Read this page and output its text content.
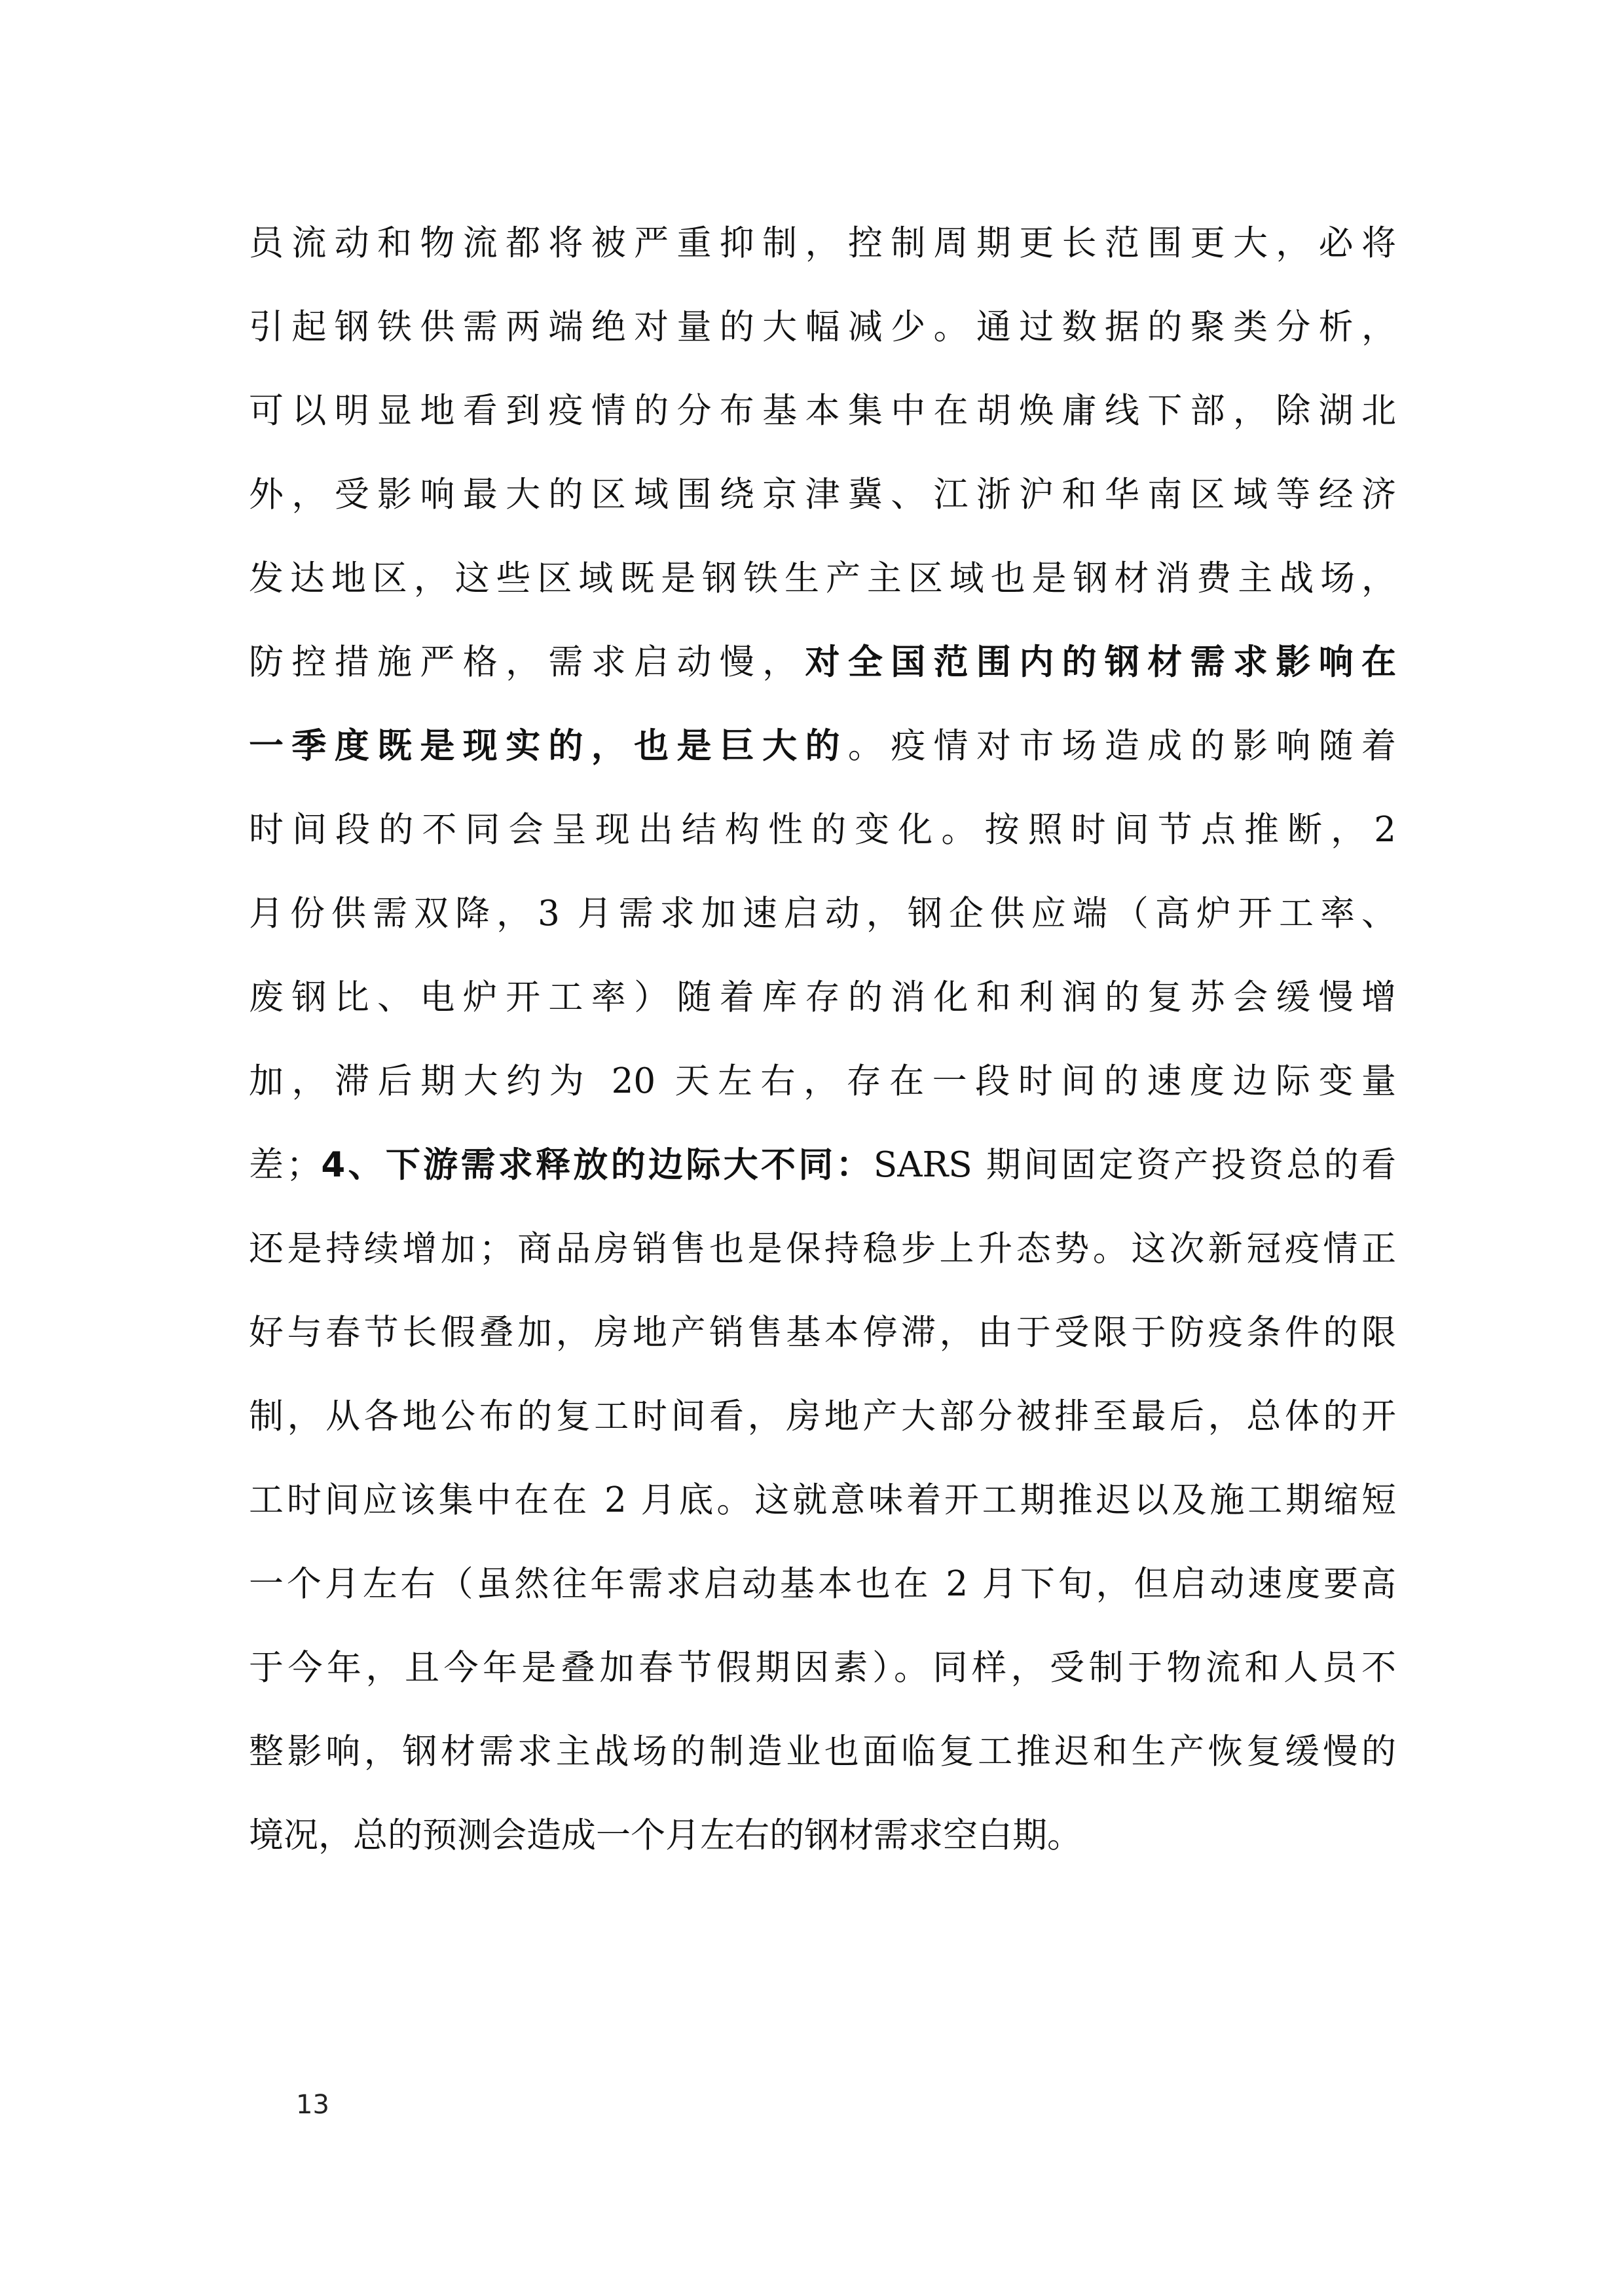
员流动和物流都将被严重抑制，控制周期更长范围更大，必将
引起钢铁供需两端绝对量的大幅减少。通过数据的聚类分析，
可以明显地看到疫情的分布基本集中在胡焕庸线下部，除湖北
外，受影响最大的区域围绕京津冀、江浙沪和华南区域等经济
发达地区，这些区域既是钢铁生产主区域也是钢材消费主战场，
防控措施严格，需求启动慢，对全国范围内的钢材需求影响在
一季度既是现实的，也是巨大的。疫情对市场造成的影响随着
时间段的不同会呈现出结构性的变化。按照时间节点推断，2
月份供需双降，3 月需求加速启动，钢企供应端（高炉开工率、
废钢比、电炉开工率）随着库存的消化和利润的复苏会缓慢增
加，滞后期大约为 20 天左右，存在一段时间的速度边际变量
差；4、下游需求释放的边际大不同：SARS 期间固定资产投资总的看
还是持续增加；商品房销售也是保持稳步上升态势。这次新冠疫情正
好与春节长假叠加，房地产销售基本停滞，由于受限于防疫条件的限
制，从各地公布的复工时间看，房地产大部分被排至最后，总体的开
工时间应该集中在在 2 月底。这就意味着开工期推迟以及施工期缩短
一个月左右（虽然往年需求启动基本也在 2 月下旬，但启动速度要高
于今年，且今年是叠加春节假期因素）。同样，受制于物流和人员不
整影响，钢材需求主战场的制造业也面临复工推迟和生产恢复缓慢的
境况，总的预测会造成一个月左右的钢材需求空白期。
13
